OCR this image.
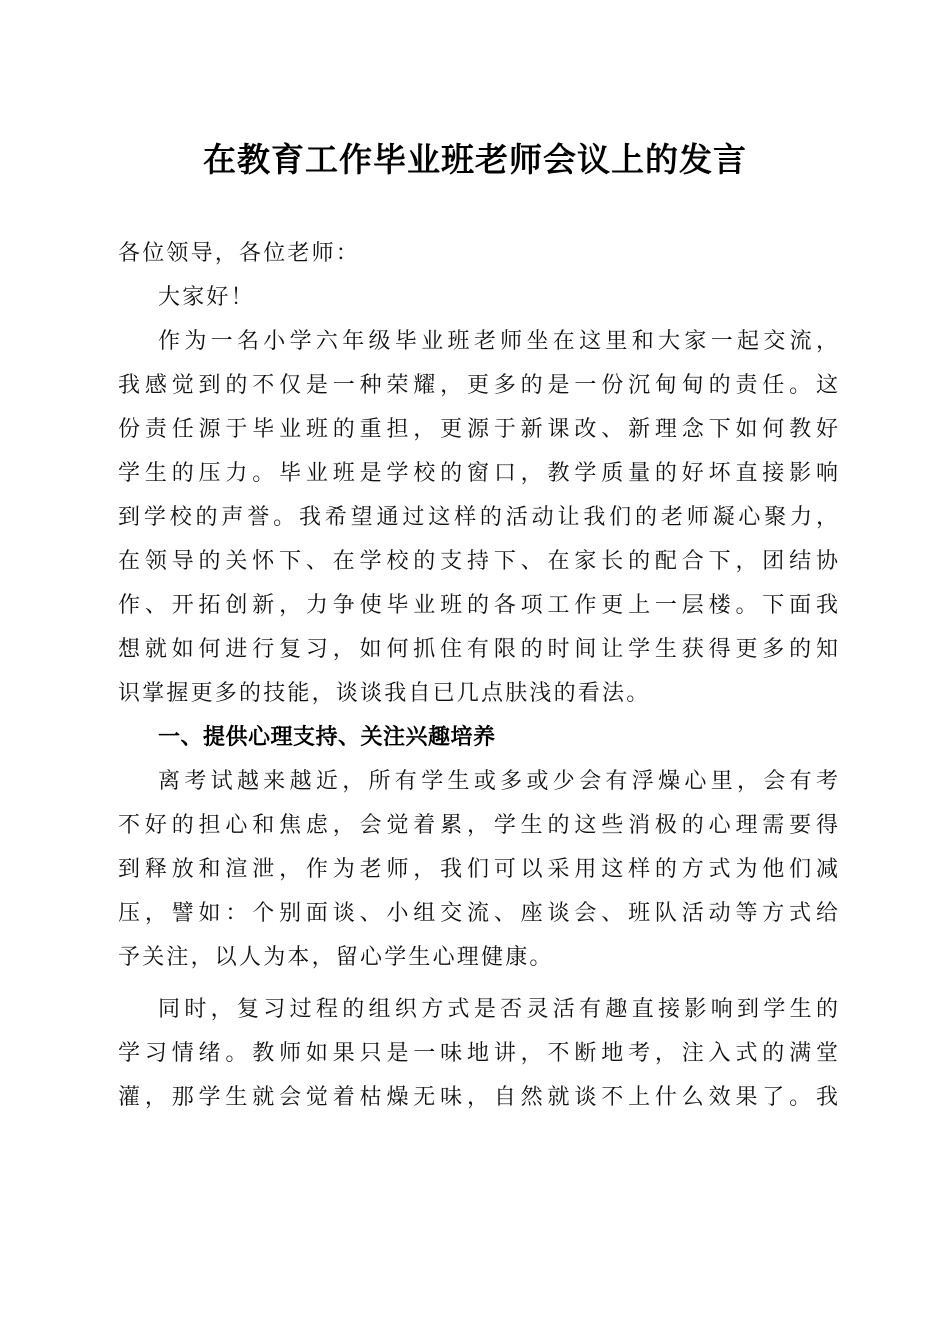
在教育工作毕业班老师会议上的发言
各位领导，各位老师：
大家好！
作为一名小学六年级毕业班老师坐在这里和大家一起交流，
我感觉到的不仅是一种荣耀，更多的是一份沉甸甸的责任。这
份责任源于毕业班的重担，更源于新课改、新理念下如何教好
学生的压力。毕业班是学校的窗口，教学质量的好坏直接影响
到学校的声誉。我希望通过这样的活动让我们的老师凝心聚力，
在领导的关怀下、在学校的支持下、在家长的配合下，团结协
作、开拓创新，力争使毕业班的各项工作更上一层楼。下面我
想就如何进行复习，如何抓住有限的时间让学生获得更多的知
识掌握更多的技能，谈谈我自已几点肤浅的看法。
一、提供心理支持、关注兴趣培养
离考试越来越近，所有学生或多或少会有浮燥心里，会有考
不好的担心和焦虑，会觉着累，学生的这些消极的心理需要得
到释放和渲泄，作为老师，我们可以采用这样的方式为他们减
压，譬如：个别面谈、小组交流、座谈会、班队活动等方式给
予关注，以人为本，留心学生心理健康。
同时，复习过程的组织方式是否灵活有趣直接影响到学生的
学习情绪。教师如果只是一味地讲，不断地考，注入式的满堂
灌，那学生就会觉着枯燥无味，自然就谈不上什么效果了。我
